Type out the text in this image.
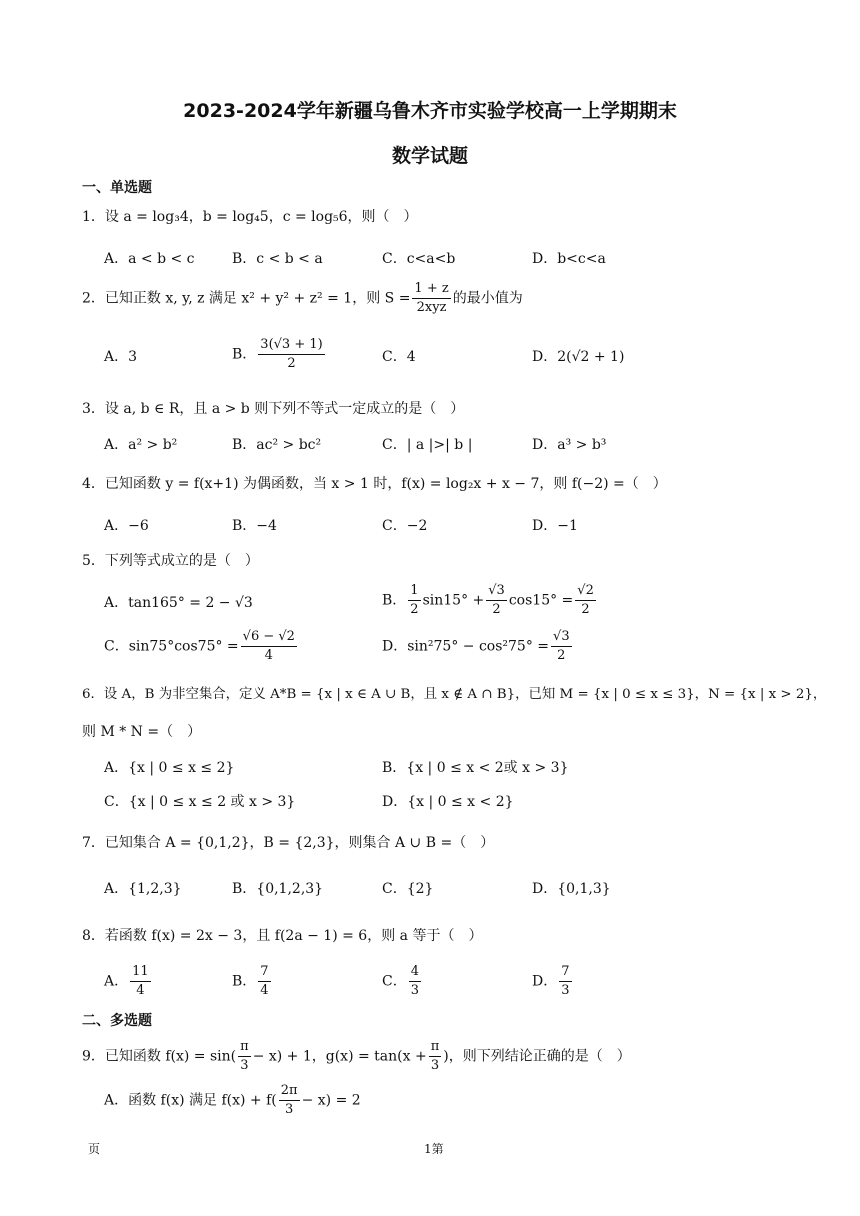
2023-2024学年新疆乌鲁木齐市实验学校高一上学期期末
数学试题
一、单选题
1．设 a = log₃4，b = log₄5，c = log₅6，则（　）
A．a < b < c	B．c < b < a	C．c<a<b	D．b<c<a
2．已知正数 x, y, z 满足 x² + y² + z² = 1，则 $S = \frac{1 + z}{\text{2xyz}}$ 的最小值为
A．3	B． $\frac{3(√3 + 1)}{2}$	C．4	D．2(√2 + 1)
3．设 a, b ∈ R，且 a > b 则下列不等式一定成立的是（　）
A．a² > b²	B．ac² > bc²	C．| a |>| b |	D．a³ > b³
4．已知函数 y = f(x+1) 为偶函数，当 x > 1 时，f(x) = log₂x + x − 7，则 f(−2) =（　）
A．−6	B．−4	C．−2	D．−1
5．下列等式成立的是（　）
A．tan165° = 2 − √3	B． $\frac{1}{2} \sin 15^\circ + \frac{√3}{2} \cos 15^\circ = \frac{√2}{2}$
C．$\sin 75^\circ\cos 75^\circ = \frac{√6 - √2}{4}$	D．$\sin^275^\circ - \cos^275^\circ = \frac{√3}{2}$
6．设 A，B 为非空集合，定义 A*B = {x | x ∈ A ∪ B，且 x ∉ A ∩ B}，已知 M = {x | 0 ≤ x ≤ 3}，N = {x | x > 2}，
则 M * N =（　）
A．{x | 0 ≤ x ≤ 2}	B．{x | 0 ≤ x < 2或 x > 3}
C．{x | 0 ≤ x ≤ 2 或 x > 3}	D．{x | 0 ≤ x < 2}
7．已知集合 A = {0,1,2}，B = {2,3}，则集合 A ∪ B =（　）
A．{1,2,3}	B．{0,1,2,3}	C．{2}	D．{0,1,3}
8．若函数 f(x) = 2x − 3，且 f(2a − 1) = 6，则 a 等于（　）
A． $\frac{11}{4}$	B． $\frac{7}{4}$	C． $\frac{4}{3}$	D． $\frac{7}{3}$
二、多选题
9．已知函数 $f(x) = \sin( \frac{\pi}{3} - x) + 1$，$g(x) = \tan(x + \frac{\pi}{3}$ )，则下列结论正确的是（　）
A．函数 f(x) 满足 $f(x) + f( \frac{2\pi}{3} - x) = 2$
页	1第
